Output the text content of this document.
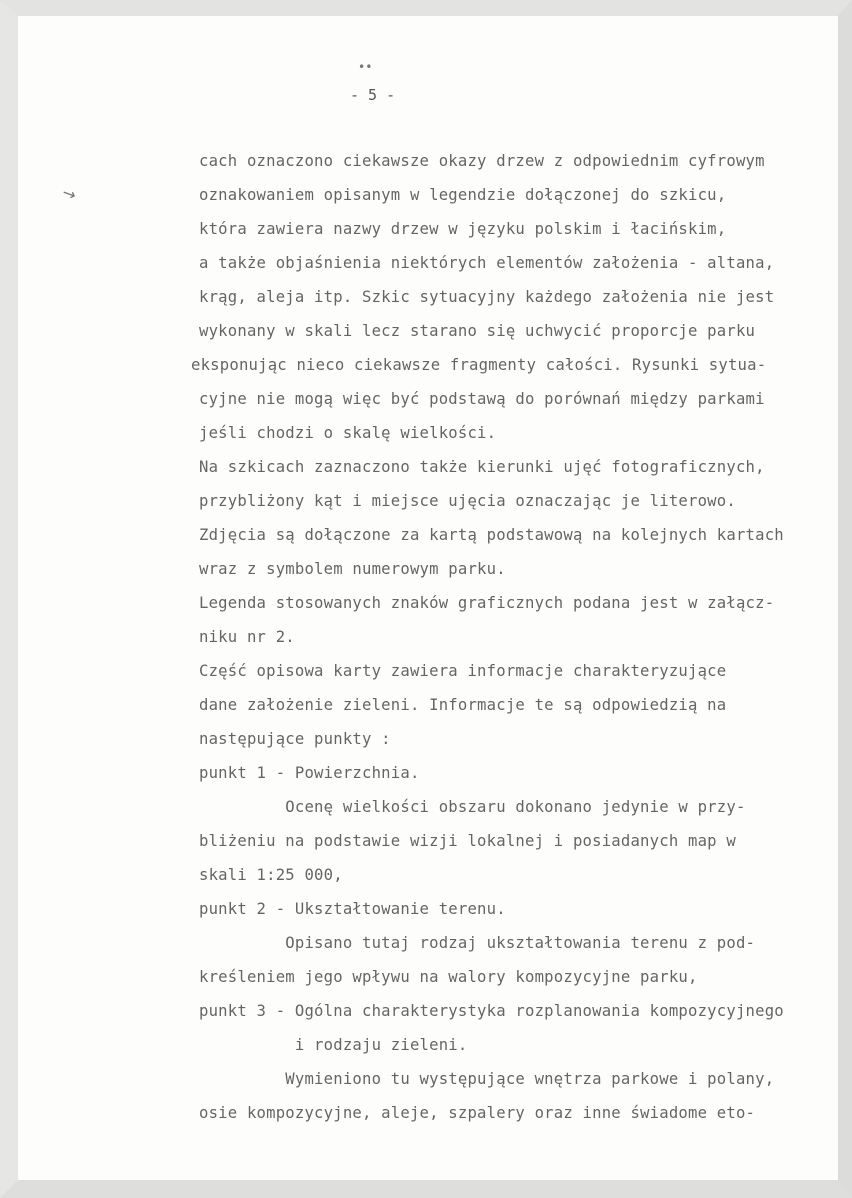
••
- 5 -
↘
cach oznaczono ciekawsze okazy drzew z odpowiednim cyfrowym
oznakowaniem opisanym w legendzie dołączonej do szkicu,
która zawiera nazwy drzew w języku polskim i łacińskim,
a także objaśnienia niektórych elementów założenia - altana,
krąg, aleja itp. Szkic sytuacyjny każdego założenia nie jest
wykonany w skali lecz starano się uchwycić proporcje parku
eksponując nieco ciekawsze fragmenty całości. Rysunki sytua-
cyjne nie mogą więc być podstawą do porównań między parkami
jeśli chodzi o skalę wielkości.
Na szkicach zaznaczono także kierunki ujęć fotograficznych,
przybliżony kąt i miejsce ujęcia oznaczając je literowo.
Zdjęcia są dołączone za kartą podstawową na kolejnych kartach
wraz z symbolem numerowym parku.
Legenda stosowanych znaków graficznych podana jest w załącz-
niku nr 2.
Część opisowa karty zawiera informacje charakteryzujące
dane założenie zieleni. Informacje te są odpowiedzią na
następujące punkty :
punkt 1 - Powierzchnia.
Ocenę wielkości obszaru dokonano jedynie w przy-
bliżeniu na podstawie wizji lokalnej i posiadanych map w
skali 1:25 000,
punkt 2 - Ukształtowanie terenu.
Opisano tutaj rodzaj ukształtowania terenu z pod-
kreśleniem jego wpływu na walory kompozycyjne parku,
punkt 3 - Ogólna charakterystyka rozplanowania kompozycyjnego
i rodzaju zieleni.
Wymieniono tu występujące wnętrza parkowe i polany,
osie kompozycyjne, aleje, szpalery oraz inne świadome eto-
